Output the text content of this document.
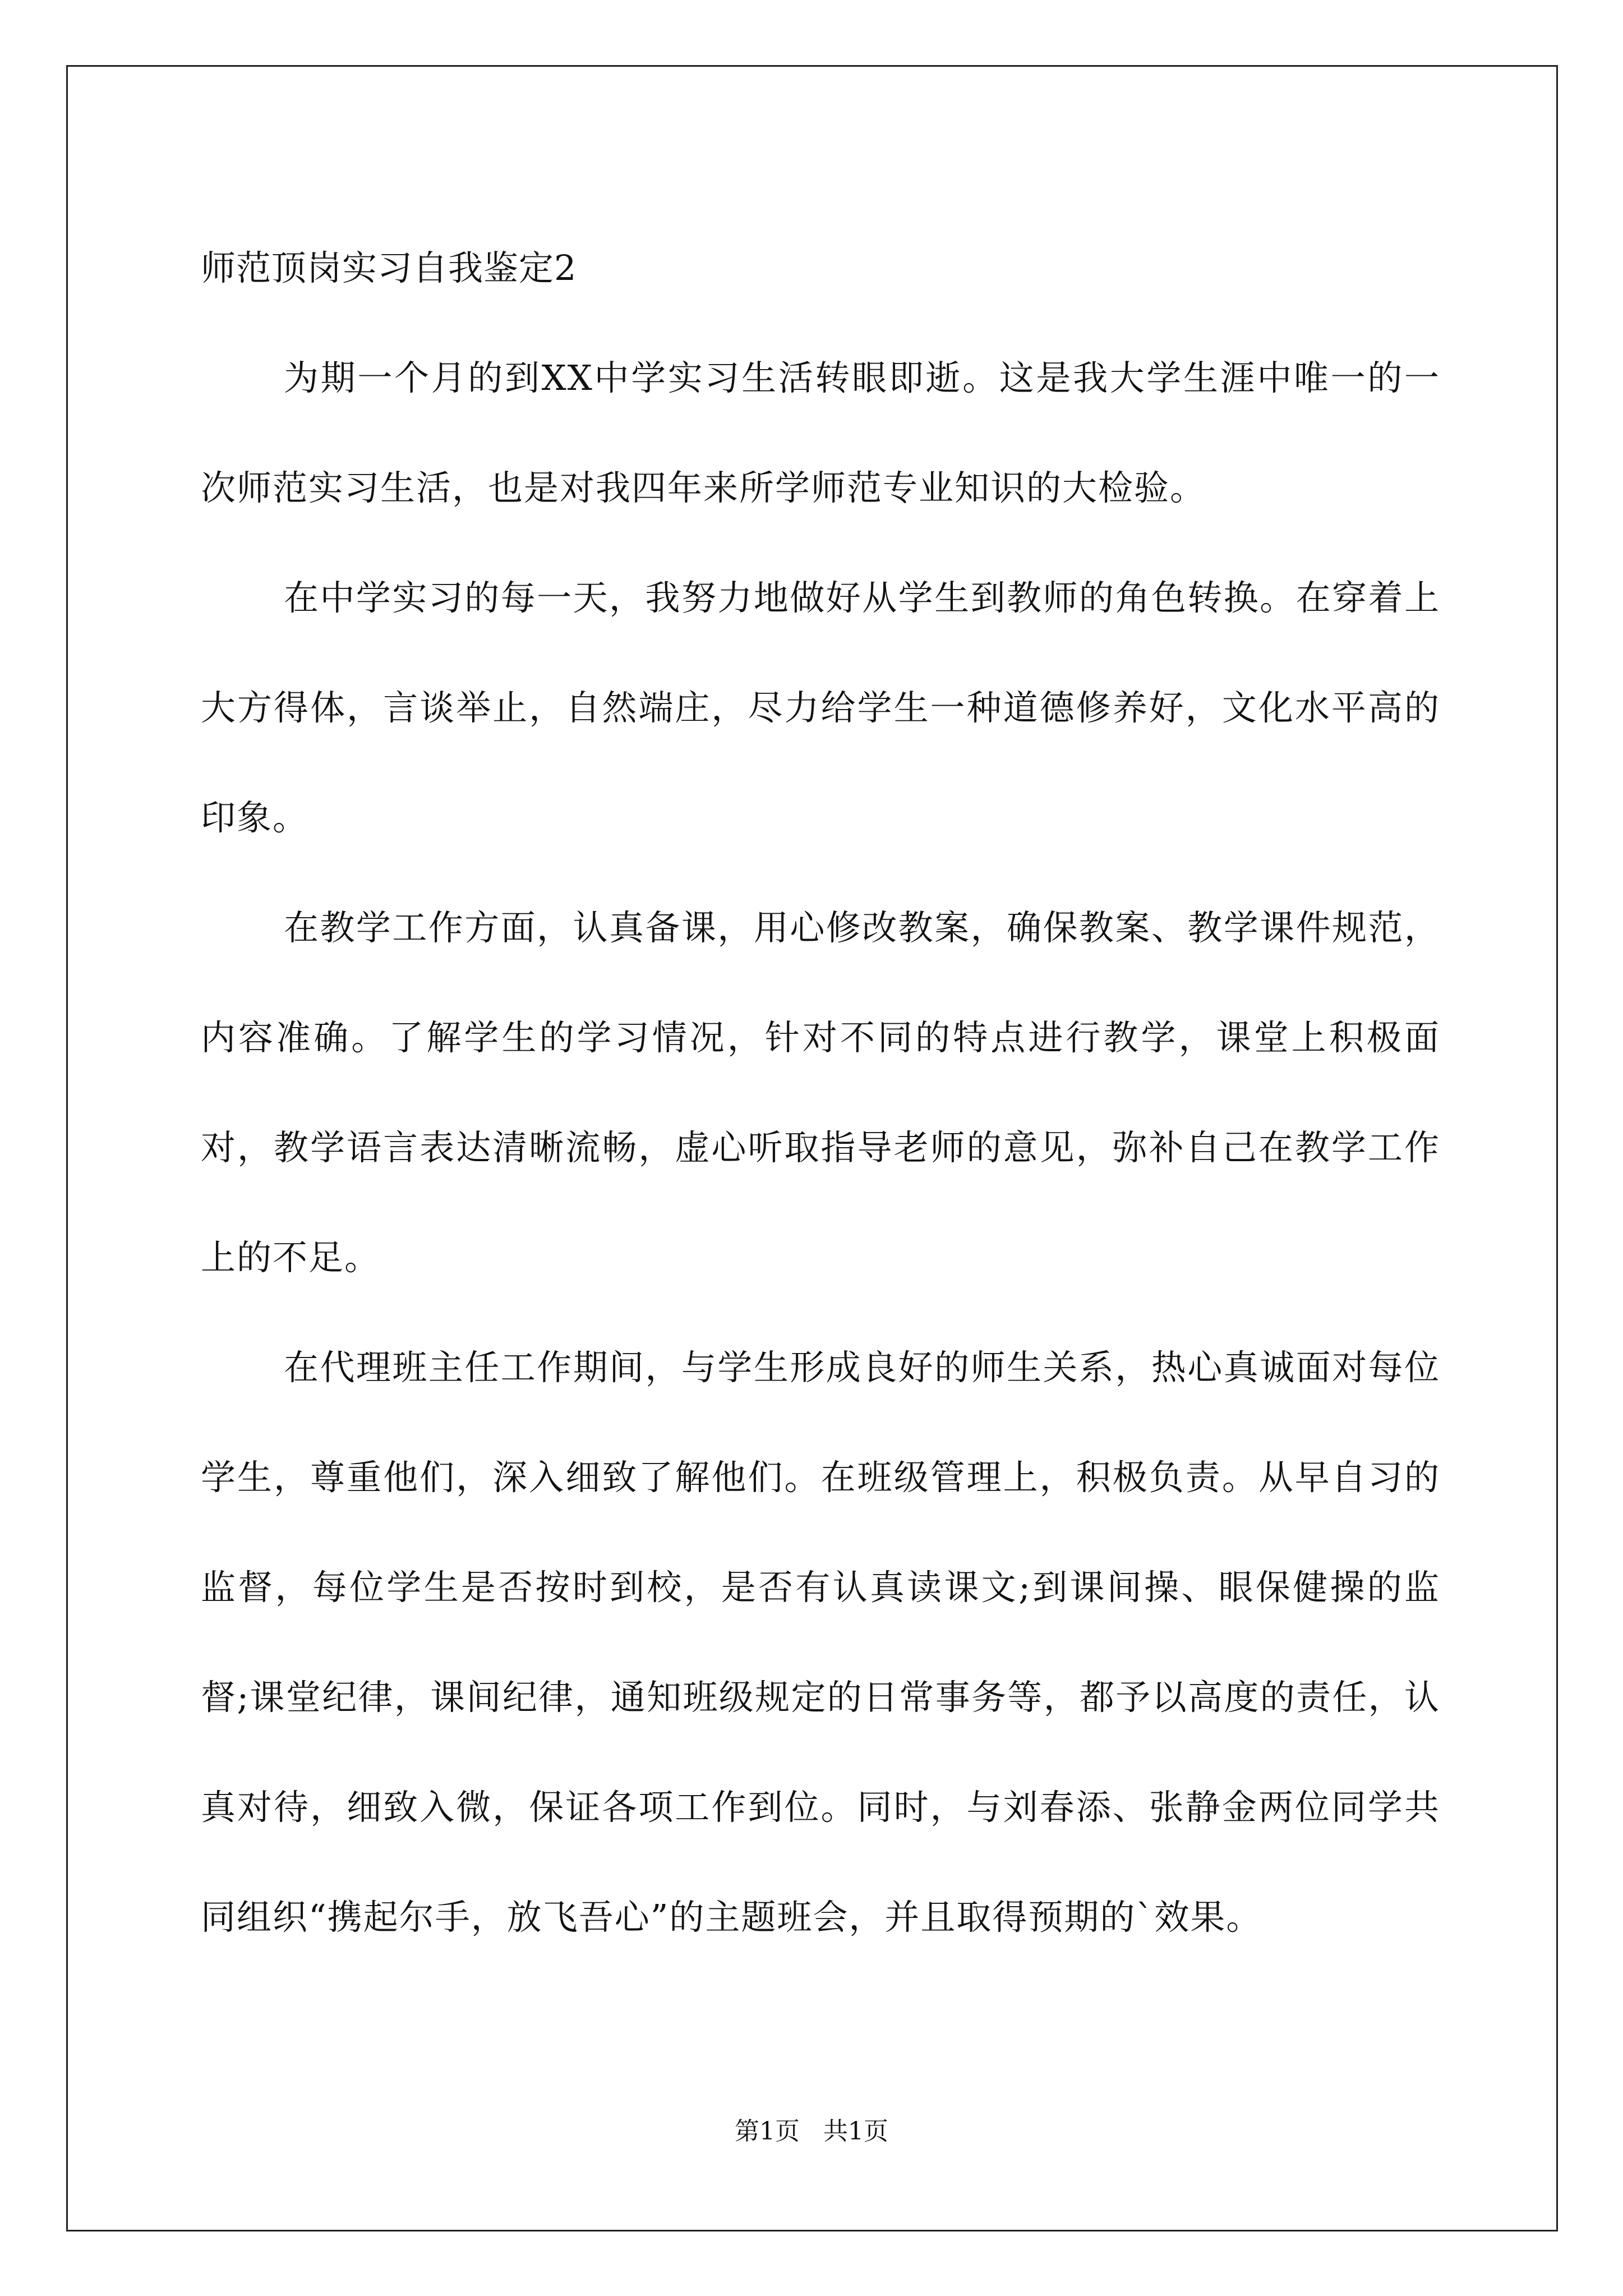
师范顶岗实习自我鉴定2

为期一个月的到XX中学实习生活转眼即逝。这是我大学生涯中唯一的一次师范实习生活，也是对我四年来所学师范专业知识的大检验。

在中学实习的每一天，我努力地做好从学生到教师的角色转换。在穿着上大方得体，言谈举止，自然端庄，尽力给学生一种道德修养好，文化水平高的印象。

在教学工作方面，认真备课，用心修改教案，确保教案、教学课件规范，内容准确。了解学生的学习情况，针对不同的特点进行教学，课堂上积极面对，教学语言表达清晰流畅，虚心听取指导老师的意见，弥补自己在教学工作上的不足。

在代理班主任工作期间，与学生形成良好的师生关系，热心真诚面对每位学生，尊重他们，深入细致了解他们。在班级管理上，积极负责。从早自习的监督，每位学生是否按时到校，是否有认真读课文;到课间操、眼保健操的监督;课堂纪律，课间纪律，通知班级规定的日常事务等，都予以高度的责任，认真对待，细致入微，保证各项工作到位。同时，与刘春添、张静金两位同学共同组织“携起尔手，放飞吾心”的主题班会，并且取得预期的`效果。

第1页 共1页
